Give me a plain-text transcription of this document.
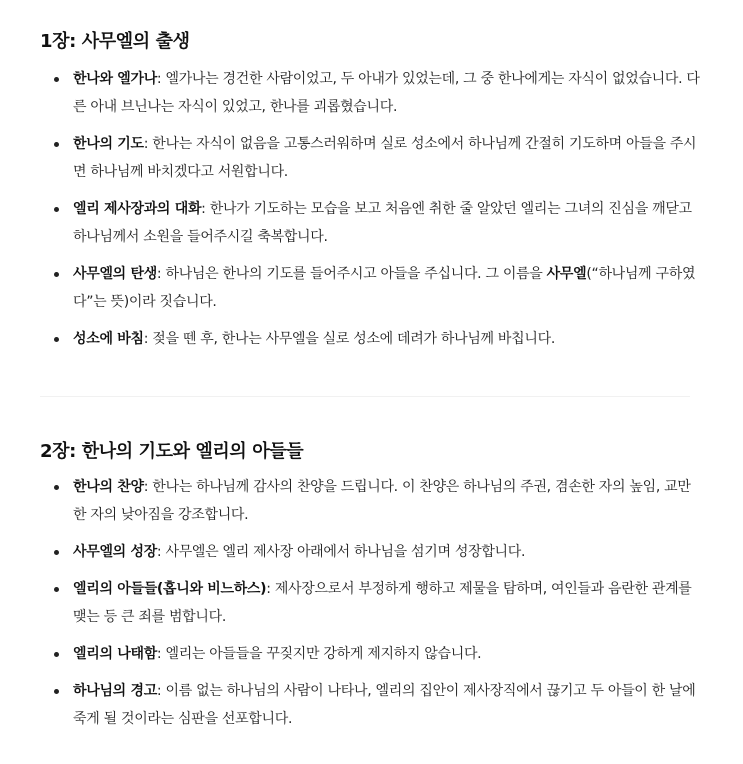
1장: 사무엘의 출생
한나와 엘가나: 엘가나는 경건한 사람이었고, 두 아내가 있었는데, 그 중 한나에게는 자식이 없었습니다. 다른 아내 브닌나는 자식이 있었고, 한나를 괴롭혔습니다.
한나의 기도: 한나는 자식이 없음을 고통스러워하며 실로 성소에서 하나님께 간절히 기도하며 아들을 주시면 하나님께 바치겠다고 서원합니다.
엘리 제사장과의 대화: 한나가 기도하는 모습을 보고 처음엔 취한 줄 알았던 엘리는 그녀의 진심을 깨닫고 하나님께서 소원을 들어주시길 축복합니다.
사무엘의 탄생: 하나님은 한나의 기도를 들어주시고 아들을 주십니다. 그 이름을 사무엘(“하나님께 구하였다”는 뜻)이라 짓습니다.
성소에 바침: 젖을 뗀 후, 한나는 사무엘을 실로 성소에 데려가 하나님께 바칩니다.
2장: 한나의 기도와 엘리의 아들들
한나의 찬양: 한나는 하나님께 감사의 찬양을 드립니다. 이 찬양은 하나님의 주권, 겸손한 자의 높임, 교만한 자의 낮아짐을 강조합니다.
사무엘의 성장: 사무엘은 엘리 제사장 아래에서 하나님을 섬기며 성장합니다.
엘리의 아들들(홉니와 비느하스): 제사장으로서 부정하게 행하고 제물을 탐하며, 여인들과 음란한 관계를 맺는 등 큰 죄를 범합니다.
엘리의 나태함: 엘리는 아들들을 꾸짖지만 강하게 제지하지 않습니다.
하나님의 경고: 이름 없는 하나님의 사람이 나타나, 엘리의 집안이 제사장직에서 끊기고 두 아들이 한 날에 죽게 될 것이라는 심판을 선포합니다.
